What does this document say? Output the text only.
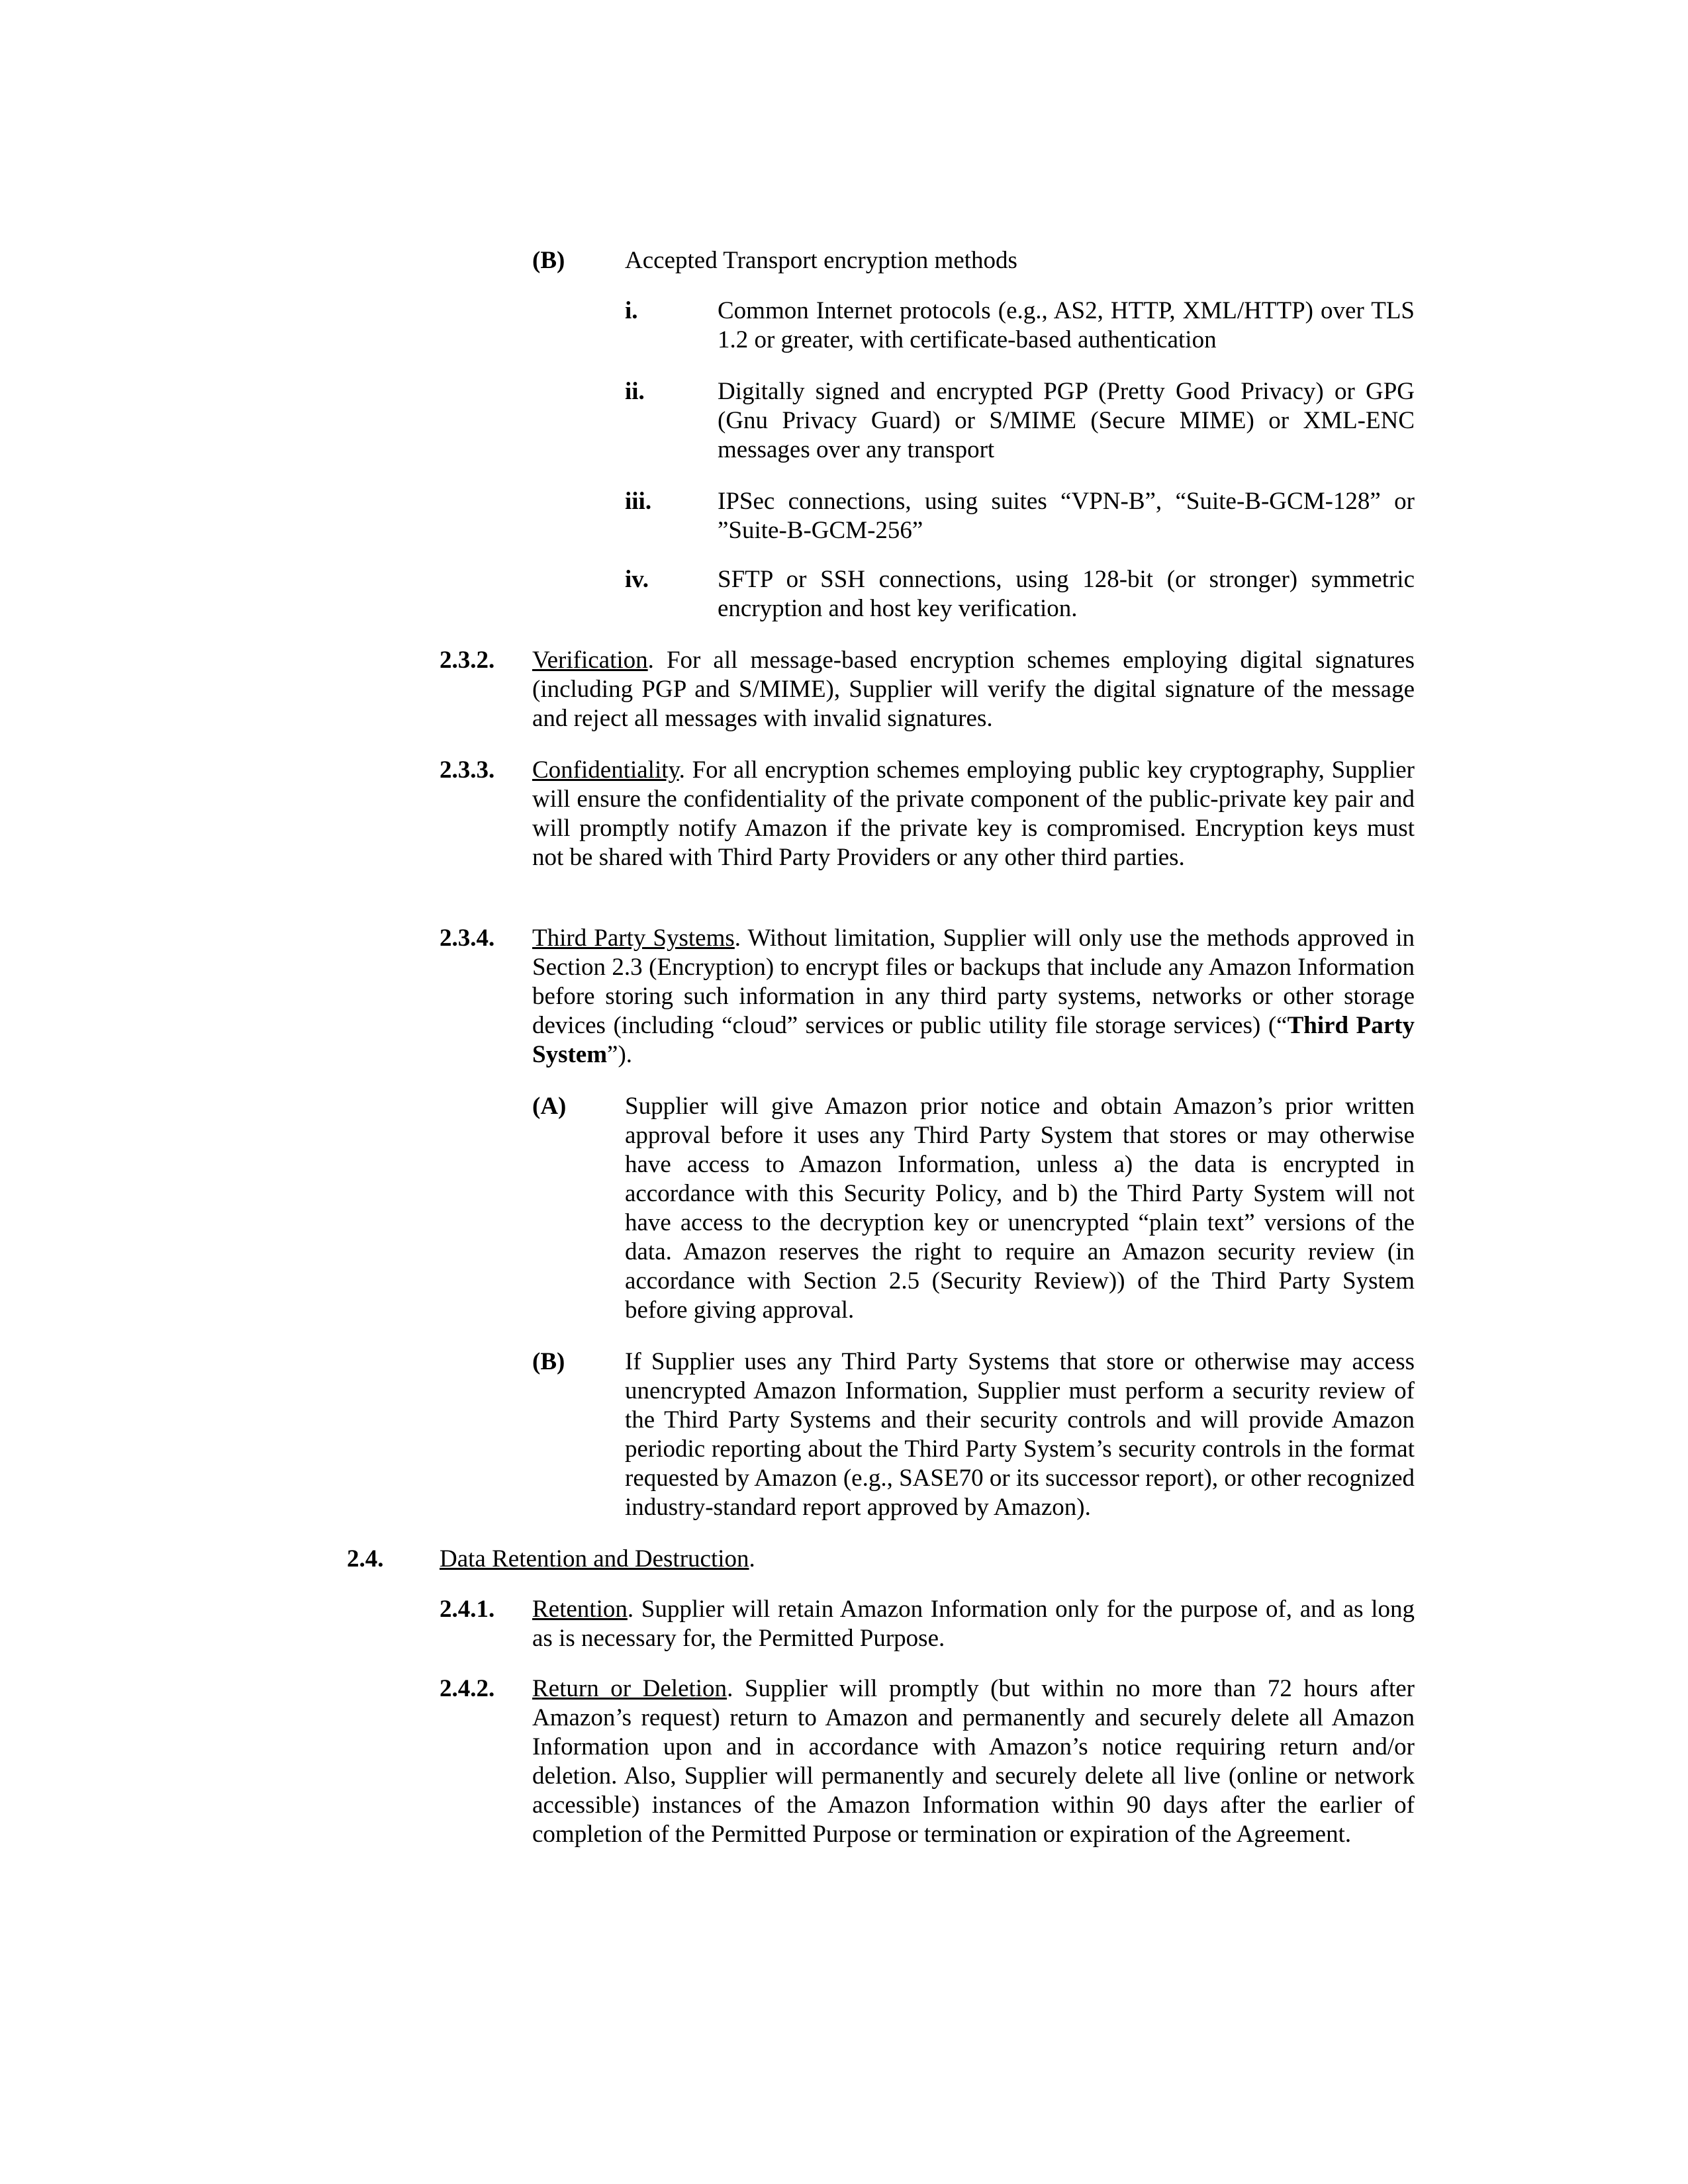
(B) Accepted Transport encryption methods
i.	Common Internet protocols (e.g., AS2, HTTP, XML/HTTP) over TLS 1.2 or greater, with certificate-based authentication
ii.	Digitally signed and encrypted PGP (Pretty Good Privacy) or GPG (Gnu Privacy Guard) or S/MIME (Secure MIME) or XML-ENC messages over any transport
iii.	IPSec connections, using suites “VPN-B”, “Suite-B-GCM-128” or ”Suite-B-GCM-256”
iv.	SFTP or SSH connections, using 128-bit (or stronger) symmetric encryption and host key verification.
2.3.2. Verification. For all message-based encryption schemes employing digital signatures (including PGP and S/MIME), Supplier will verify the digital signature of the message and reject all messages with invalid signatures.
2.3.3. Confidentiality. For all encryption schemes employing public key cryptography, Supplier will ensure the confidentiality of the private component of the public-private key pair and will promptly notify Amazon if the private key is compromised. Encryption keys must not be shared with Third Party Providers or any other third parties.
2.3.4. Third Party Systems. Without limitation, Supplier will only use the methods approved in Section 2.3 (Encryption) to encrypt files or backups that include any Amazon Information before storing such information in any third party systems, networks or other storage devices (including “cloud” services or public utility file storage services) (“Third Party System”).
(A) Supplier will give Amazon prior notice and obtain Amazon’s prior written approval before it uses any Third Party System that stores or may otherwise have access to Amazon Information, unless a) the data is encrypted in accordance with this Security Policy, and b) the Third Party System will not have access to the decryption key or unencrypted “plain text” versions of the data. Amazon reserves the right to require an Amazon security review (in accordance with Section 2.5 (Security Review)) of the Third Party System before giving approval.
(B) If Supplier uses any Third Party Systems that store or otherwise may access unencrypted Amazon Information, Supplier must perform a security review of the Third Party Systems and their security controls and will provide Amazon periodic reporting about the Third Party System’s security controls in the format requested by Amazon (e.g., SASE70 or its successor report), or other recognized industry-standard report approved by Amazon).
2.4. Data Retention and Destruction.
2.4.1. Retention. Supplier will retain Amazon Information only for the purpose of, and as long as is necessary for, the Permitted Purpose.
2.4.2. Return or Deletion. Supplier will promptly (but within no more than 72 hours after Amazon’s request) return to Amazon and permanently and securely delete all Amazon Information upon and in accordance with Amazon’s notice requiring return and/or deletion. Also, Supplier will permanently and securely delete all live (online or network accessible) instances of the Amazon Information within 90 days after the earlier of completion of the Permitted Purpose or termination or expiration of the Agreement.
